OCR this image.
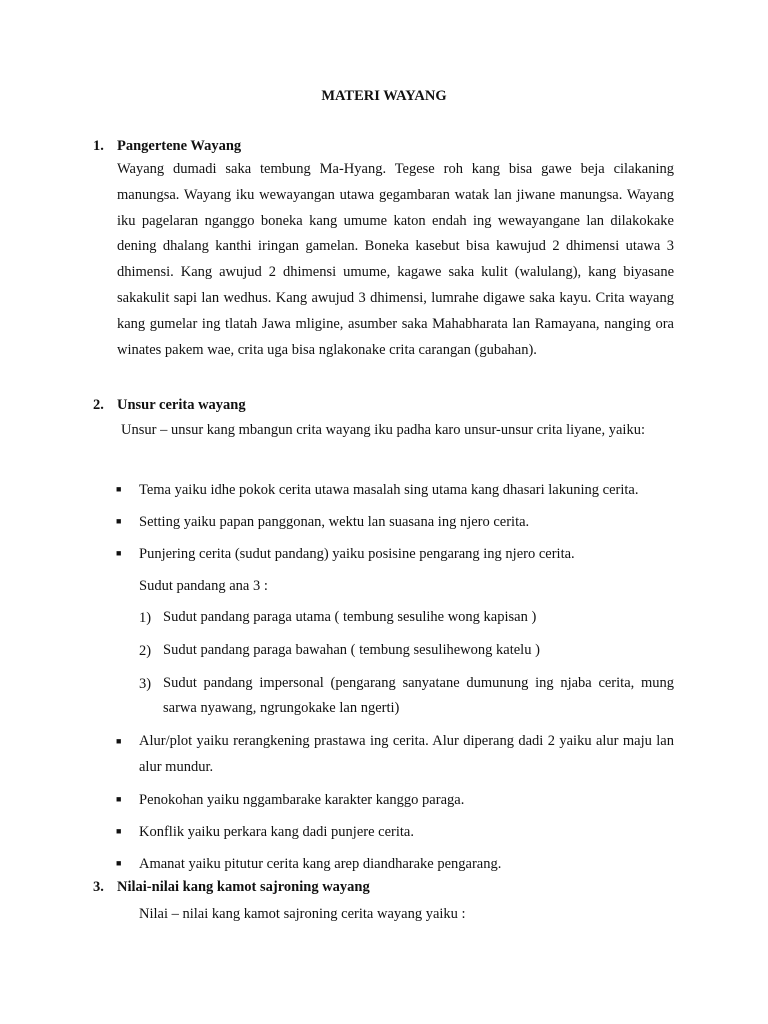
MATERI WAYANG
1. Pangertene Wayang
Wayang dumadi saka tembung Ma-Hyang. Tegese roh kang bisa gawe beja cilakaning manungsa. Wayang iku wewayangan utawa gegambaran watak lan jiwane manungsa. Wayang iku pagelaran nganggo boneka kang umume katon endah ing wewayangane lan dilakokake dening dhalang kanthi iringan gamelan. Boneka kasebut bisa kawujud 2 dhimensi utawa 3 dhimensi. Kang awujud 2 dhimensi umume, kagawe saka kulit (walulang), kang biyasane sakakulit sapi lan wedhus. Kang awujud 3 dhimensi, lumrahe digawe saka kayu. Crita wayang kang gumelar ing tlatah Jawa mligine, asumber saka Mahabharata lan Ramayana, nanging ora winates pakem wae, crita uga bisa nglakonake crita carangan (gubahan).
2. Unsur cerita wayang
Unsur – unsur kang mbangun crita wayang iku padha karo unsur-unsur crita liyane, yaiku:
■ Tema yaiku idhe pokok cerita utawa masalah sing utama kang dhasari lakuning cerita.
■ Setting yaiku papan panggonan, wektu lan suasana ing njero cerita.
■ Punjering cerita (sudut pandang) yaiku posisine pengarang ing njero cerita.
Sudut pandang ana 3 :
1) Sudut pandang paraga utama ( tembung sesulihe wong kapisan )
2) Sudut pandang paraga bawahan ( tembung sesulihewong katelu )
3) Sudut pandang impersonal (pengarang sanyatane dumunung ing njaba cerita, mung sarwa nyawang, ngrungokake lan ngerti)
■ Alur/plot yaiku rerangkening prastawa ing cerita. Alur diperang dadi 2 yaiku alur maju lan alur mundur.
■ Penokohan yaiku nggambarake karakter kanggo paraga.
■ Konflik yaiku perkara kang dadi punjere cerita.
■ Amanat yaiku pitutur cerita kang arep diandharake pengarang.
3. Nilai-nilai kang kamot sajroning wayang
Nilai – nilai kang kamot sajroning cerita wayang yaiku :
